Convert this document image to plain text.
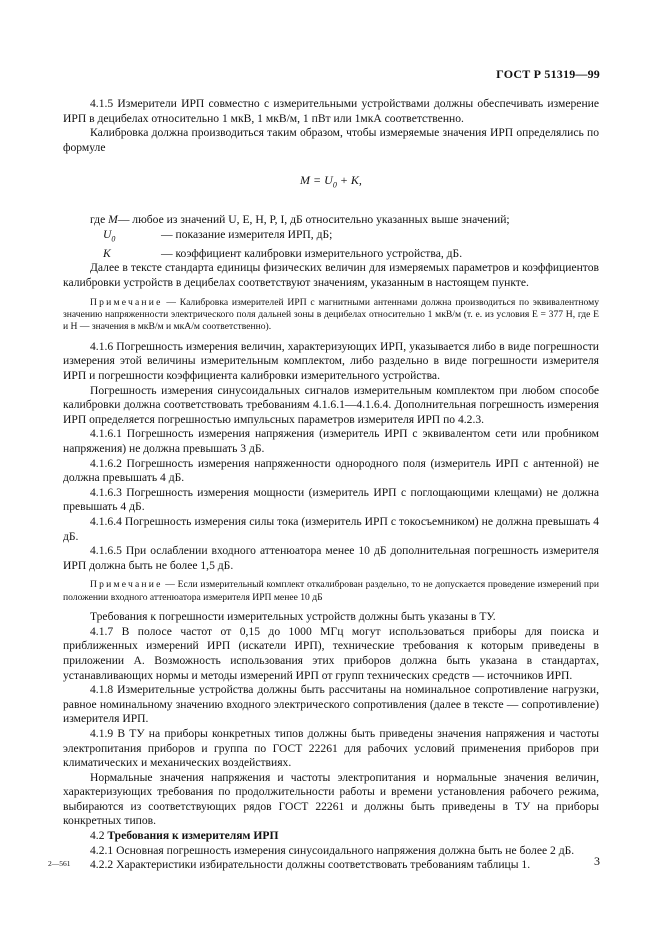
ГОСТ Р 51319—99

4.1.5 Измерители ИРП совместно с измерительными устройствами должны обеспечивать измерение ИРП в децибелах относительно 1 мкВ, 1 мкВ/м, 1 пВт или 1мкА соответственно.

Калибровка должна производиться таким образом, чтобы измеряемые значения ИРП определялись по формуле

$M = U_0 + K$,
где
M — любое из значений U, E, H, P, I, дБ относительно указанных выше значений;
$U_0$	— показание измерителя ИРП, дБ;
K	— коэффициент калибровки измерительного устройства, дБ.

Далее в тексте стандарта единицы физических величин для измеряемых параметров и коэффициентов калибровки устройств в децибелах соответствуют значениям, указанным в настоящем пункте.

Примечание — Калибровка измерителей ИРП с магнитными антеннами должна производиться по эквивалентному значению напряженности электрического поля дальней зоны в децибелах относительно 1 мкВ/м (т. е. из условия E = 377 H, где E и H — значения в мкВ/м и мкА/м соответственно).

4.1.6 Погрешность измерения величин, характеризующих ИРП, указывается либо в виде погрешности измерения этой величины измерительным комплектом, либо раздельно в виде погрешности измерителя ИРП и погрешности коэффициента калибровки измерительного устройства.

Погрешность измерения синусоидальных сигналов измерительным комплектом при любом способе калибровки должна соответствовать требованиям 4.1.6.1—4.1.6.4. Дополнительная погрешность измерения ИРП определяется погрешностью импульсных параметров измерителя ИРП по 4.2.3.

4.1.6.1 Погрешность измерения напряжения (измеритель ИРП с эквивалентом сети или пробником напряжения) не должна превышать 3 дБ.

4.1.6.2 Погрешность измерения напряженности однородного поля (измеритель ИРП с антенной) не должна превышать 4 дБ.

4.1.6.3 Погрешность измерения мощности (измеритель ИРП с поглощающими клещами) не должна превышать 4 дБ.

4.1.6.4 Погрешность измерения силы тока (измеритель ИРП с токосъемником) не должна превышать 4 дБ.

4.1.6.5 При ослаблении входного аттенюатора менее 10 дБ дополнительная погрешность измерителя ИРП должна быть не более 1,5 дБ.

Примечание — Если измерительный комплект откалиброван раздельно, то не допускается проведение измерений при положении входного аттенюатора измерителя ИРП менее 10 дБ

Требования к погрешности измерительных устройств должны быть указаны в ТУ.

4.1.7 В полосе частот от 0,15 до 1000 МГц могут использоваться приборы для поиска и приближенных измерений ИРП (искатели ИРП), технические требования к которым приведены в приложении А. Возможность использования этих приборов должна быть указана в стандартах, устанавливающих нормы и методы измерений ИРП от групп технических средств — источников ИРП.

4.1.8 Измерительные устройства должны быть рассчитаны на номинальное сопротивление нагрузки, равное номинальному значению входного электрического сопротивления (далее в тексте — сопротивление) измерителя ИРП.

4.1.9 В ТУ на приборы конкретных типов должны быть приведены значения напряжения и частоты электропитания приборов и группа по ГОСТ 22261 для рабочих условий применения приборов при климатических и механических воздействиях.

Нормальные значения напряжения и частоты электропитания и нормальные значения величин, характеризующих требования по продолжительности работы и времени установления рабочего режима, выбираются из соответствующих рядов ГОСТ 22261 и должны быть приведены в ТУ на приборы конкретных типов.

4.2 Требования к измерителям ИРП

4.2.1 Основная погрешность измерения синусоидального напряжения должна быть не более 2 дБ.

4.2.2 Характеристики избирательности должны соответствовать требованиям таблицы 1.

2—561	3
